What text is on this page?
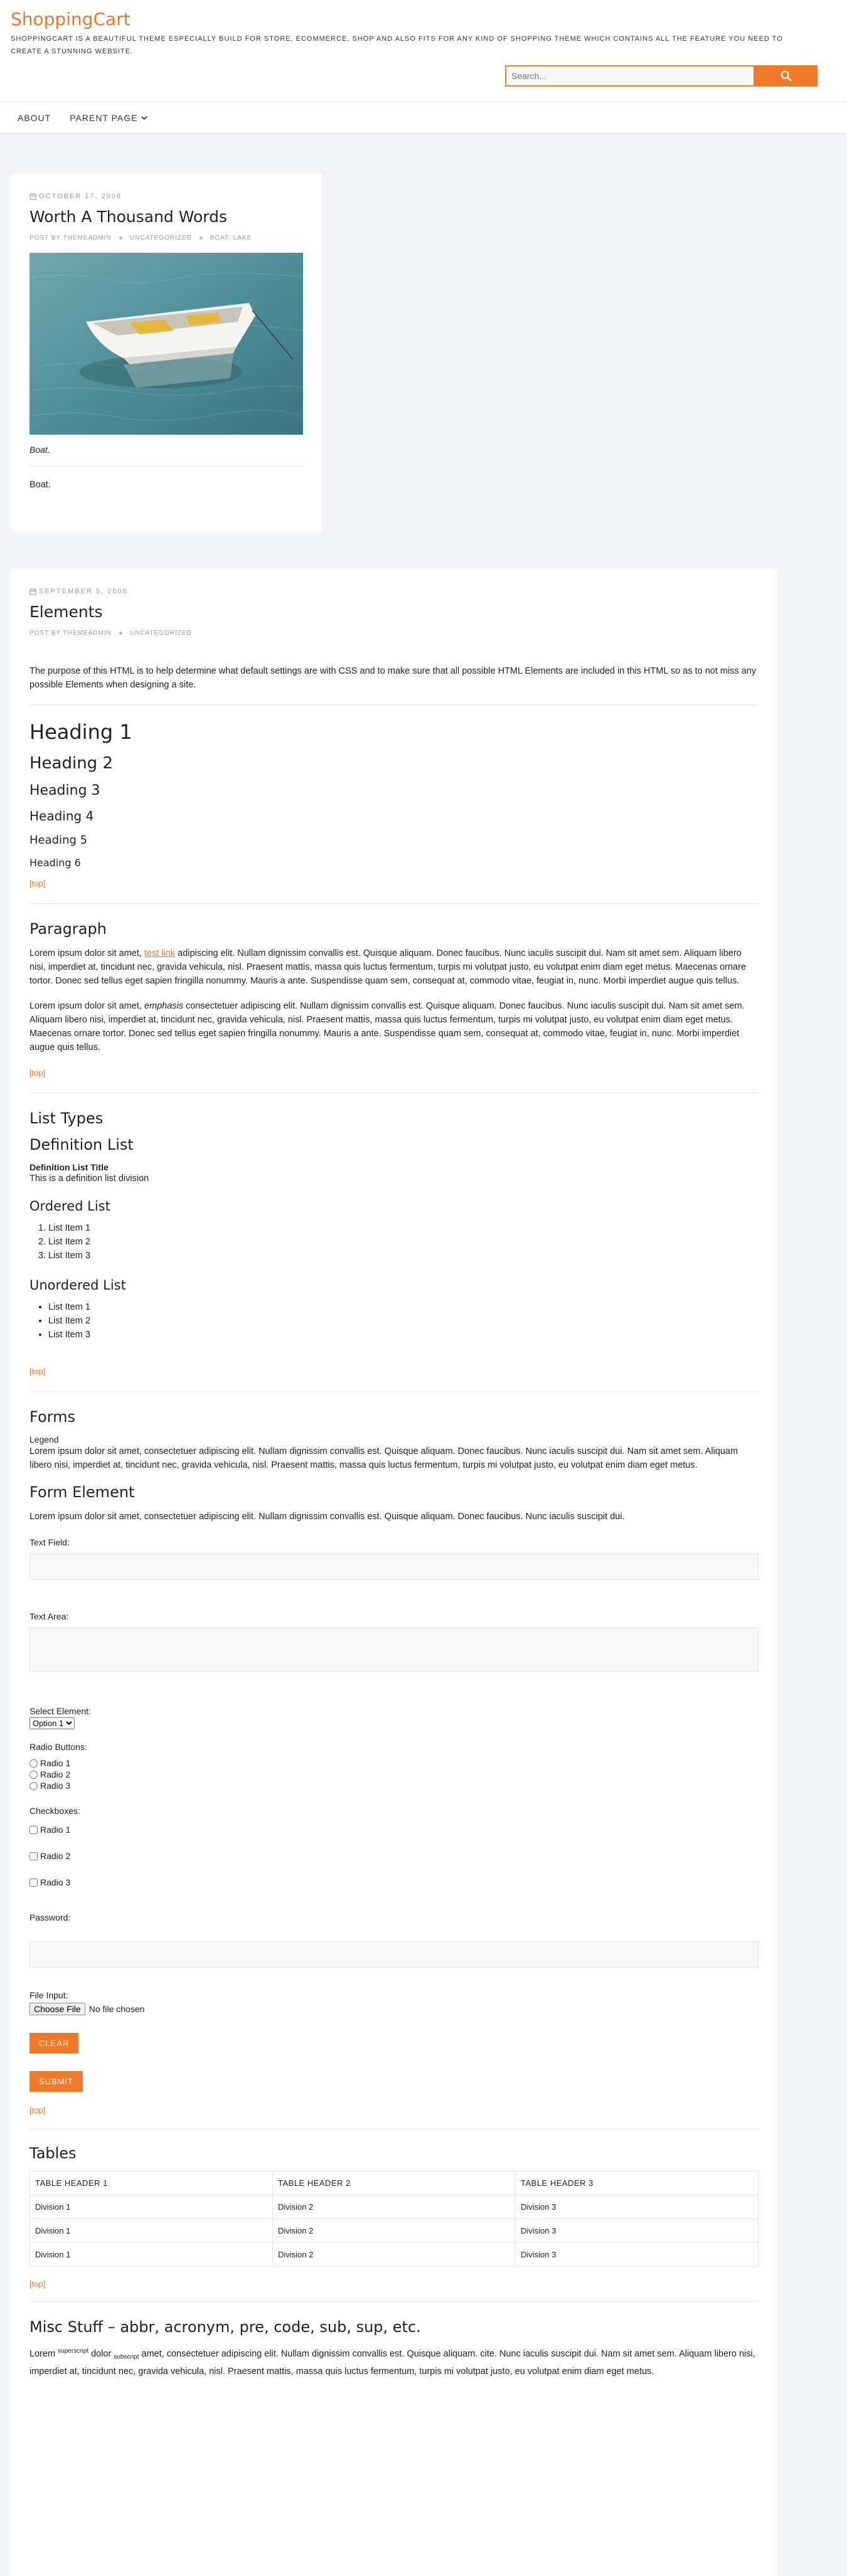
ShoppingCart
SHOPPINGCART IS A BEAUTIFUL THEME ESPECIALLY BUILD FOR STORE, ECOMMERCE, SHOP AND ALSO FITS FOR ANY KIND OF SHOPPING THEME WHICH CONTAINS ALL THE FEATURE YOU NEED TO CREATE A STUNNING WEBSITE.
Search...
ABOUT PARENT PAGE
OCTOBER 17, 2008
Worth A Thousand Words
POST BY THEMEADMIN	UNCATEGORIZED	BOAT, LAKE
Boat.
Boat.
SEPTEMBER 5, 2008
Elements
POST BY THEMEADMIN	UNCATEGORIZED
The purpose of this HTML is to help determine what default settings are with CSS and to make sure that all possible HTML Elements are included in this HTML so as to not miss any possible Elements when designing a site.
Heading 1
Heading 2
Heading 3
Heading 4
Heading 5
Heading 6
[top]
Paragraph

Lorem ipsum dolor sit amet, test link adipiscing elit. Nullam dignissim convallis est. Quisque aliquam. Donec faucibus. Nunc iaculis suscipit dui. Nam sit amet sem. Aliquam libero nisi, imperdiet at, tincidunt nec, gravida vehicula, nisl. Praesent mattis, massa quis luctus fermentum, turpis mi volutpat justo, eu volutpat enim diam eget metus. Maecenas ornare tortor. Donec sed tellus eget sapien fringilla nonummy. Mauris a ante. Suspendisse quam sem, consequat at, commodo vitae, feugiat in, nunc. Morbi imperdiet augue quis tellus.

Lorem ipsum dolor sit amet, emphasis consectetuer adipiscing elit. Nullam dignissim convallis est. Quisque aliquam. Donec faucibus. Nunc iaculis suscipit dui. Nam sit amet sem. Aliquam libero nisi, imperdiet at, tincidunt nec, gravida vehicula, nisl. Praesent mattis, massa quis luctus fermentum, turpis mi volutpat justo, eu volutpat enim diam eget metus. Maecenas ornare tortor. Donec sed tellus eget sapien fringilla nonummy. Mauris a ante. Suspendisse quam sem, consequat at, commodo vitae, feugiat in, nunc. Morbi imperdiet augue quis tellus.

[top]
List Types
Definition List
Definition List Title
This is a definition list division
Ordered List
1. List Item 1
2. List Item 2
3. List Item 3
Unordered List
• List Item 1
• List Item 2
• List Item 3
[top]
Forms
Legend
Lorem ipsum dolor sit amet, consectetuer adipiscing elit. Nullam dignissim convallis est. Quisque aliquam. Donec faucibus. Nunc iaculis suscipit dui. Nam sit amet sem. Aliquam libero nisi, imperdiet at, tincidunt nec, gravida vehicula, nisl. Praesent mattis, massa quis luctus fermentum, turpis mi volutpat justo, eu volutpat enim diam eget metus.
Form Element
Lorem ipsum dolor sit amet, consectetuer adipiscing elit. Nullam dignissim convallis est. Quisque aliquam. Donec faucibus. Nunc iaculis suscipit dui.
Text Field:
Text Area:
Select Element:
Option 1
Radio Buttons:
Radio 1
Radio 2
Radio 3
Checkboxes:
Radio 1
Radio 2
Radio 3
Password:
File Input:
Choose File No file chosen
CLEAR
SUBMIT
[top]
Tables
TABLE HEADER 1	TABLE HEADER 2	TABLE HEADER 3
Division 1	Division 2	Division 3
Division 1	Division 2	Division 3
Division 1	Division 2	Division 3
[top]
Misc Stuff – abbr, acronym, pre, code, sub, sup, etc.

Lorem $^{superscript}$ dolor $_{subscript}$ amet, consectetuer adipiscing elit. Nullam dignissim convallis est. Quisque aliquam. cite. Nunc iaculis suscipit dui. Nam sit amet sem. Aliquam libero nisi, imperdiet at, tincidunt nec, gravida vehicula, nisl. Praesent mattis, massa quis luctus fermentum, turpis mi volutpat justo, eu volutpat enim diam eget metus.
